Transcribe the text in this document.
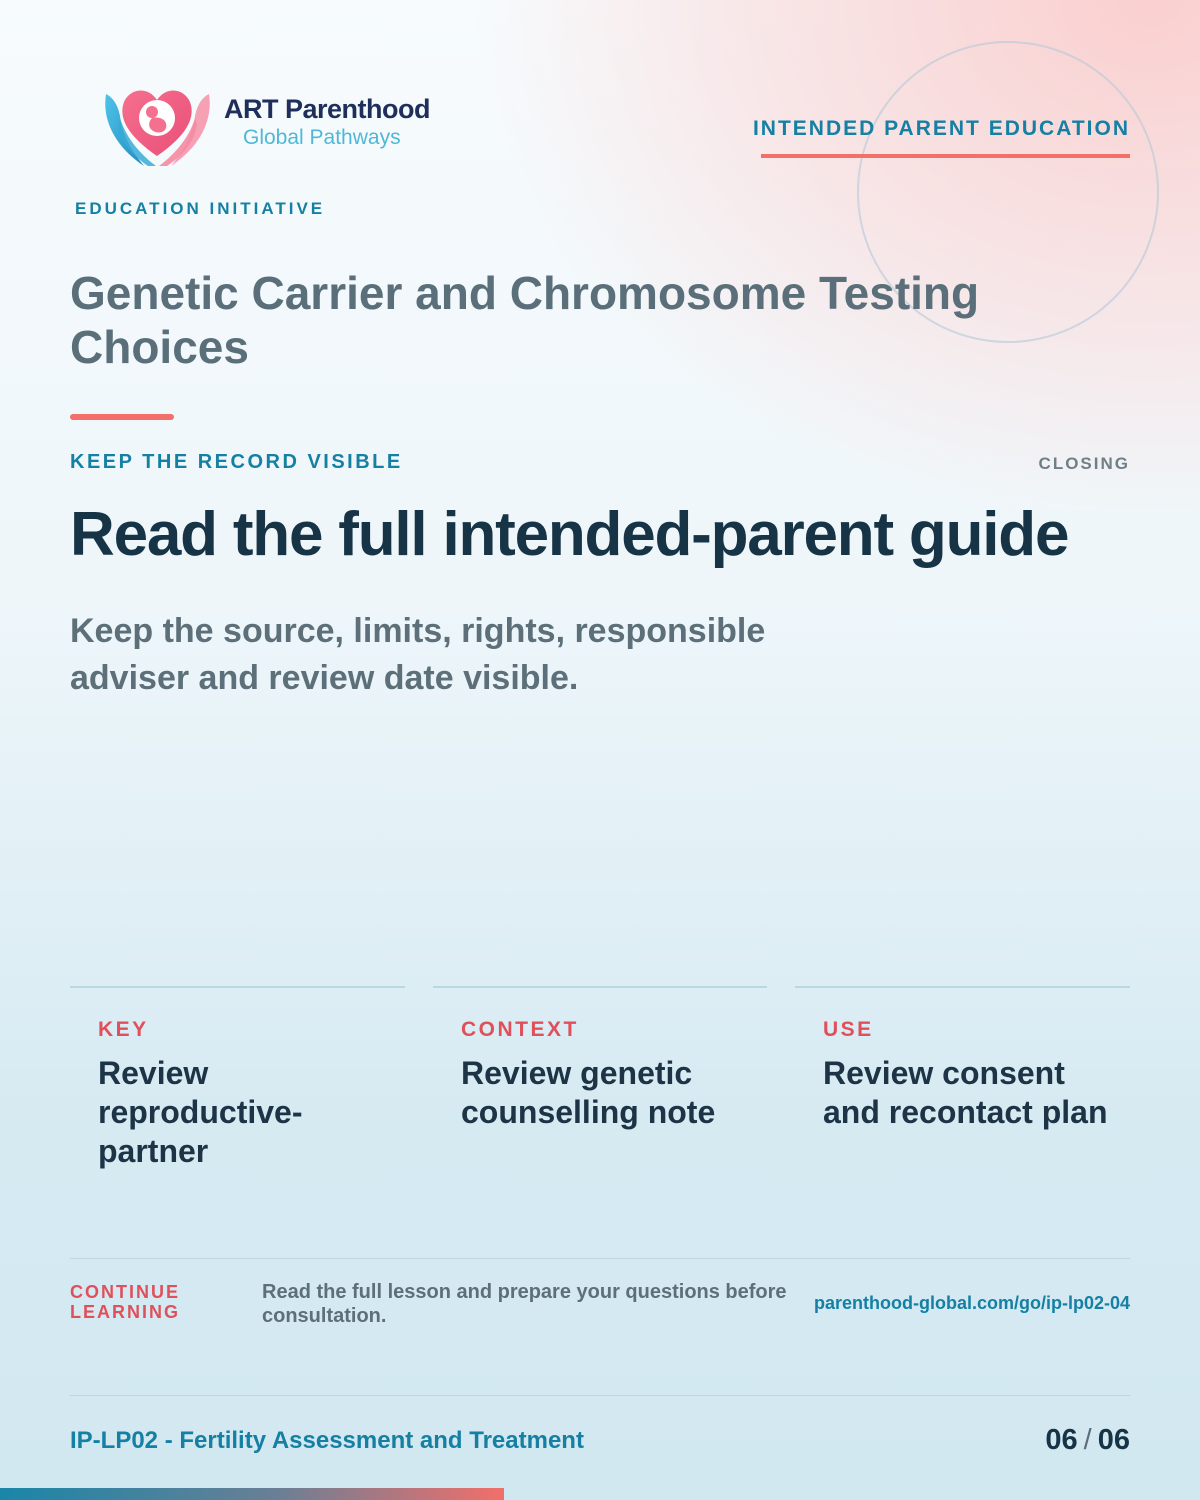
ART Parenthood
Global Pathways
EDUCATION INITIATIVE
INTENDED PARENT EDUCATION
Genetic Carrier and Chromosome Testing Choices
KEEP THE RECORD VISIBLE	CLOSING
Read the full intended-parent guide
Keep the source, limits, rights, responsible adviser and review date visible.
KEY
Review reproductive-partner
CONTEXT
Review genetic counselling note
USE
Review consent and recontact plan
CONTINUE LEARNING
Read the full lesson and prepare your questions before consultation.
parenthood-global.com/go/ip-lp02-04
IP-LP02 - Fertility Assessment and Treatment	06 / 06
